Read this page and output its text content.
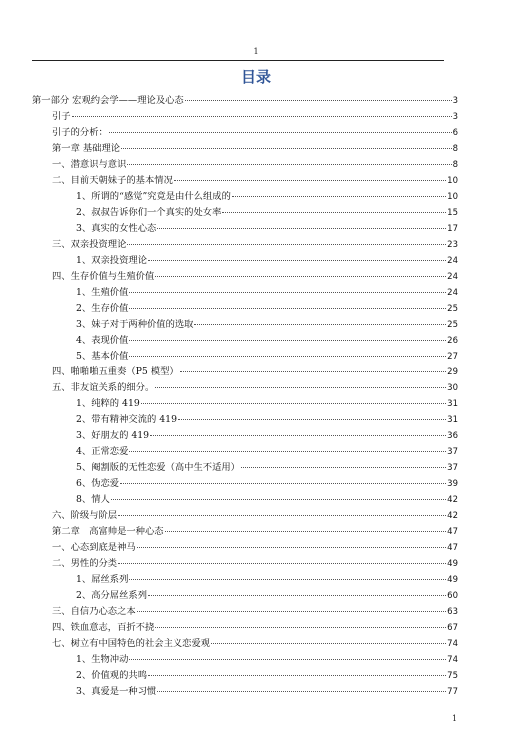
1
目录
第一部分 宏观约会学——理论及心态	3
引子	3
引子的分析：	6
第一章 基础理论	8
一、潜意识与意识	8
二、目前天朝妹子的基本情况	10
1、所谓的“感觉”究竟是由什么组成的	10
2、叔叔告诉你们一个真实的处女率	15
3、真实的女性心态	17
三、双亲投资理论	23
1、双亲投资理论	24
四、生存价值与生殖价值	24
1、生殖价值	24
2、生存价值	25
3、妹子对于两种价值的选取	25
4、表现价值	26
5、基本价值	27
四、啪啪啪五重奏（P5 模型）	29
五、非友谊关系的细分。	30
1、纯粹的 419	31
2、带有精神交流的 419	31
3、好朋友的 419	36
4、正常恋爱	37
5、阉割版的无性恋爱（高中生不适用）	37
6、伪恋爱	39
8、情人	42
六、阶级与阶层	42
第二章　高富帅是一种心态	47
一、心态到底是神马	47
二、男性的分类	49
1、屌丝系列	49
2、高分屌丝系列	60
三、自信乃心态之本	63
四、铁血意志，百折不挠	67
七、树立有中国特色的社会主义恋爱观	74
1、生物冲动	74
2、价值观的共鸣	75
3、真爱是一种习惯	77
1
